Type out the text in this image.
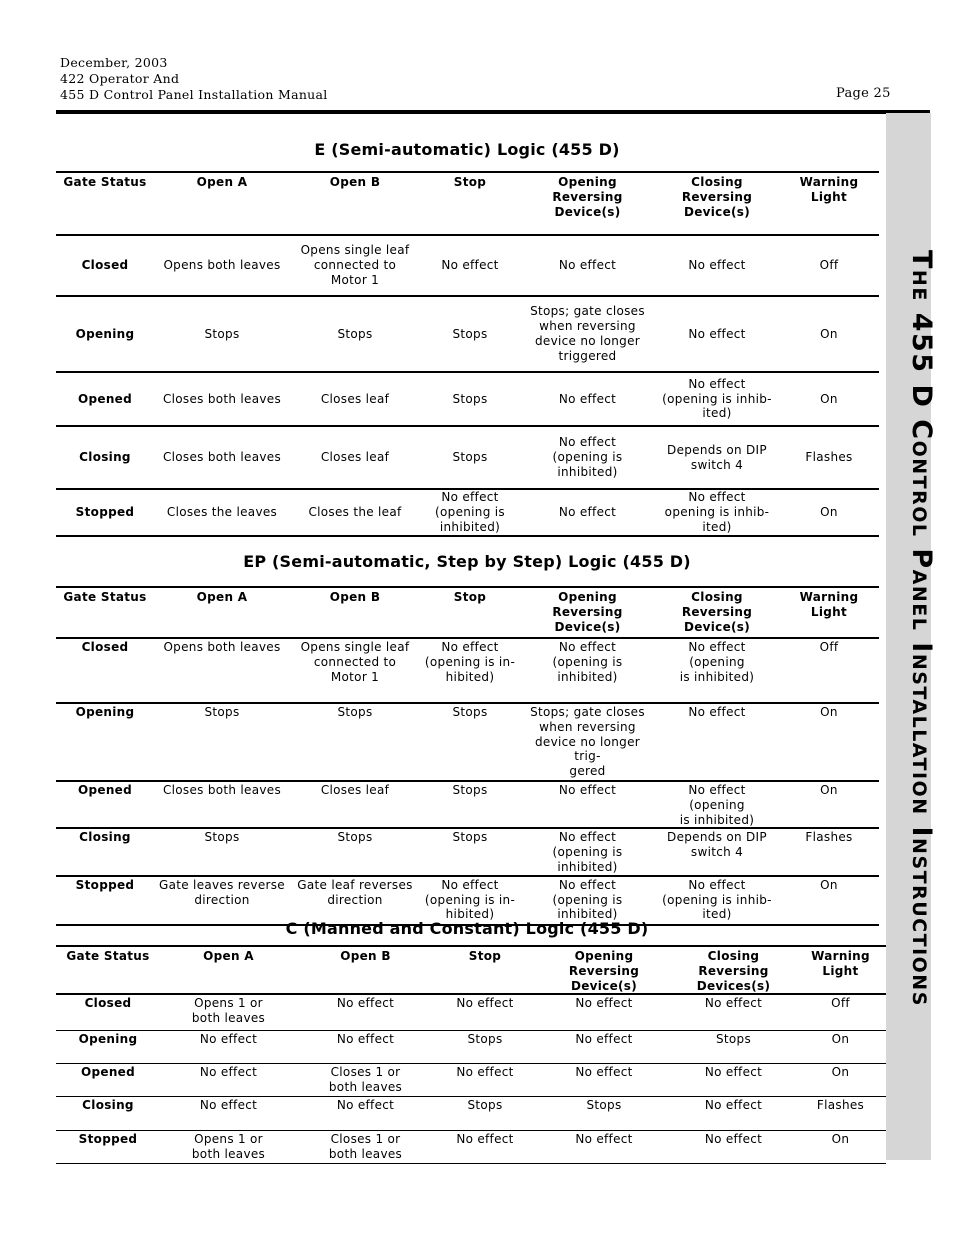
December, 2003
422 Operator And
455 D Control Panel Installation Manual	Page 25
The 455 D Control Panel Installation Instructions
E (Semi-automatic) Logic (455 D)
Gate Status	Open A	Open B	Stop	Opening
Reversing
Device(s)	Closing
Reversing
Device(s)	Warning
Light
Closed	Opens both leaves	Opens single leaf
connected to
Motor 1	No effect	No effect	No effect	Off
Opening	Stops	Stops	Stops	Stops; gate closes
when reversing
device no longer
triggered	No effect	On
Opened	Closes both leaves	Closes leaf	Stops	No effect	No effect
(opening is inhib-
ited)	On
Closing	Closes both leaves	Closes leaf	Stops	No effect
(opening is inhibited)	Depends on DIP
switch 4	Flashes
Stopped	Closes the leaves	Closes the leaf	No effect
(opening is
inhibited)	No effect	No effect
opening is inhib-
ited)	On
EP (Semi-automatic, Step by Step) Logic (455 D)
Gate Status	Open A	Open B	Stop	Opening
Reversing
Device(s)	Closing
Reversing
Device(s)	Warning
Light
Closed	Opens both leaves	Opens single leaf
connected to
Motor 1	No effect
(opening is in-
hibited)	No effect
(opening is inhibited)	No effect (opening
is inhibited)	Off
Opening	Stops	Stops	Stops	Stops; gate closes
when reversing
device no longer trig-
gered	No effect	On
Opened	Closes both leaves	Closes leaf	Stops	No effect	No effect (opening
is inhibited)	On
Closing	Stops	Stops	Stops	No effect
(opening is inhibited)	Depends on DIP
switch 4	Flashes
Stopped	Gate leaves reverse
direction	Gate leaf reverses
direction	No effect
(opening is in-
hibited)	No effect
(opening is inhibited)	No effect
(opening is inhib-
ited)	On
C (Manned and Constant) Logic (455 D)
Gate Status	Open A	Open B	Stop	Opening
Reversing
Device(s)	Closing
Reversing
Devices(s)	Warning
Light
Closed	Opens 1 or
both leaves	No effect	No effect	No effect	No effect	Off
Opening	No effect	No effect	Stops	No effect	Stops	On
Opened	No effect	Closes 1 or
both leaves	No effect	No effect	No effect	On
Closing	No effect	No effect	Stops	Stops	No effect	Flashes
Stopped	Opens 1 or
both leaves	Closes 1 or
both leaves	No effect	No effect	No effect	On
